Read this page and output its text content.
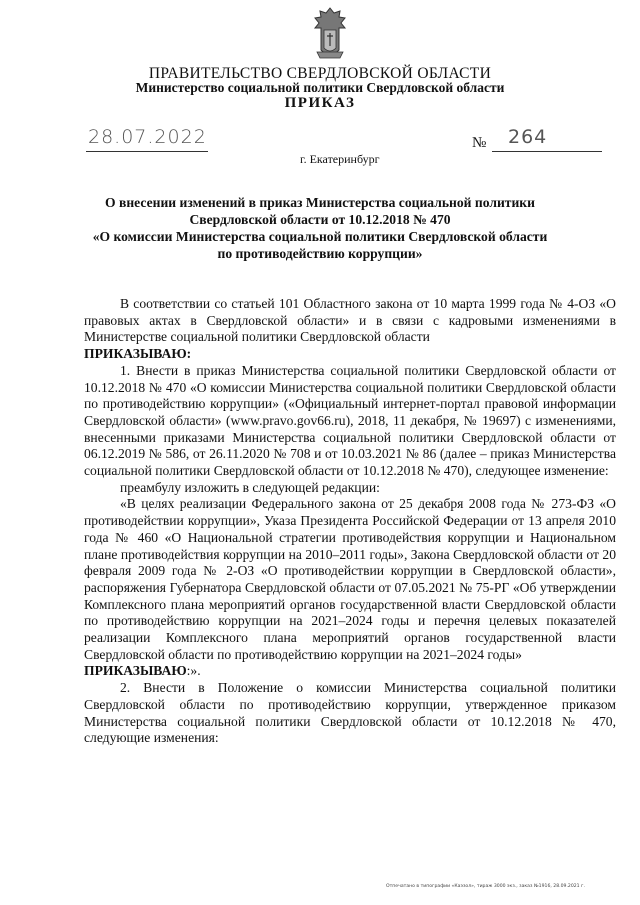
ПРАВИТЕЛЬСТВО СВЕРДЛОВСКОЙ ОБЛАСТИ
Министерство социальной политики Свердловской области
ПРИКАЗ
28.07.2022	№ 264
г. Екатеринбург
О внесении изменений в приказ Министерства социальной политики
Свердловской области от 10.12.2018 № 470
«О комиссии Министерства социальной политики Свердловской области
по противодействию коррупции»

В соответствии со статьей 101 Областного закона от 10 марта 1999 года № 4-ОЗ «О правовых актах в Свердловской области» и в связи с кадровыми изменениями в Министерстве социальной политики Свердловской области

ПРИКАЗЫВАЮ:

1. Внести в приказ Министерства социальной политики Свердловской области от 10.12.2018 № 470 «О комиссии Министерства социальной политики Свердловской области по противодействию коррупции» («Официальный интернет-портал правовой информации Свердловской области» (www.pravo.gov66.ru), 2018, 11 декабря, № 19697) с изменениями, внесенными приказами Министерства социальной политики Свердловской области от 06.12.2019 № 586, от 26.11.2020 № 708 и от 10.03.2021 № 86 (далее – приказ Министерства социальной политики Свердловской области от 10.12.2018 № 470), следующее изменение:

преамбулу изложить в следующей редакции:

«В целях реализации Федерального закона от 25 декабря 2008 года № 273-ФЗ «О противодействии коррупции», Указа Президента Российской Федерации от 13 апреля 2010 года № 460 «О Национальной стратегии противодействия коррупции и Национальном плане противодействия коррупции на 2010–2011 годы», Закона Свердловской области от 20 февраля 2009 года № 2-ОЗ «О противодействии коррупции в Свердловской области», распоряжения Губернатора Свердловской области от 07.05.2021 № 75-РГ «Об утверждении Комплексного плана мероприятий органов государственной власти Свердловской области по противодействию коррупции на 2021–2024 годы и перечня целевых показателей реализации Комплексного плана мероприятий органов государственной власти Свердловской области по противодействию коррупции на 2021–2024 годы»

ПРИКАЗЫВАЮ:».

2. Внести в Положение о комиссии Министерства социальной политики Свердловской области по противодействию коррупции, утвержденное приказом Министерства социальной политики Свердловской области от 10.12.2018 № 470, следующие изменения:

Отпечатано в типографии «Каэзол», тираж 3000 экз., заказ №1916, 28.09.2021 г.
